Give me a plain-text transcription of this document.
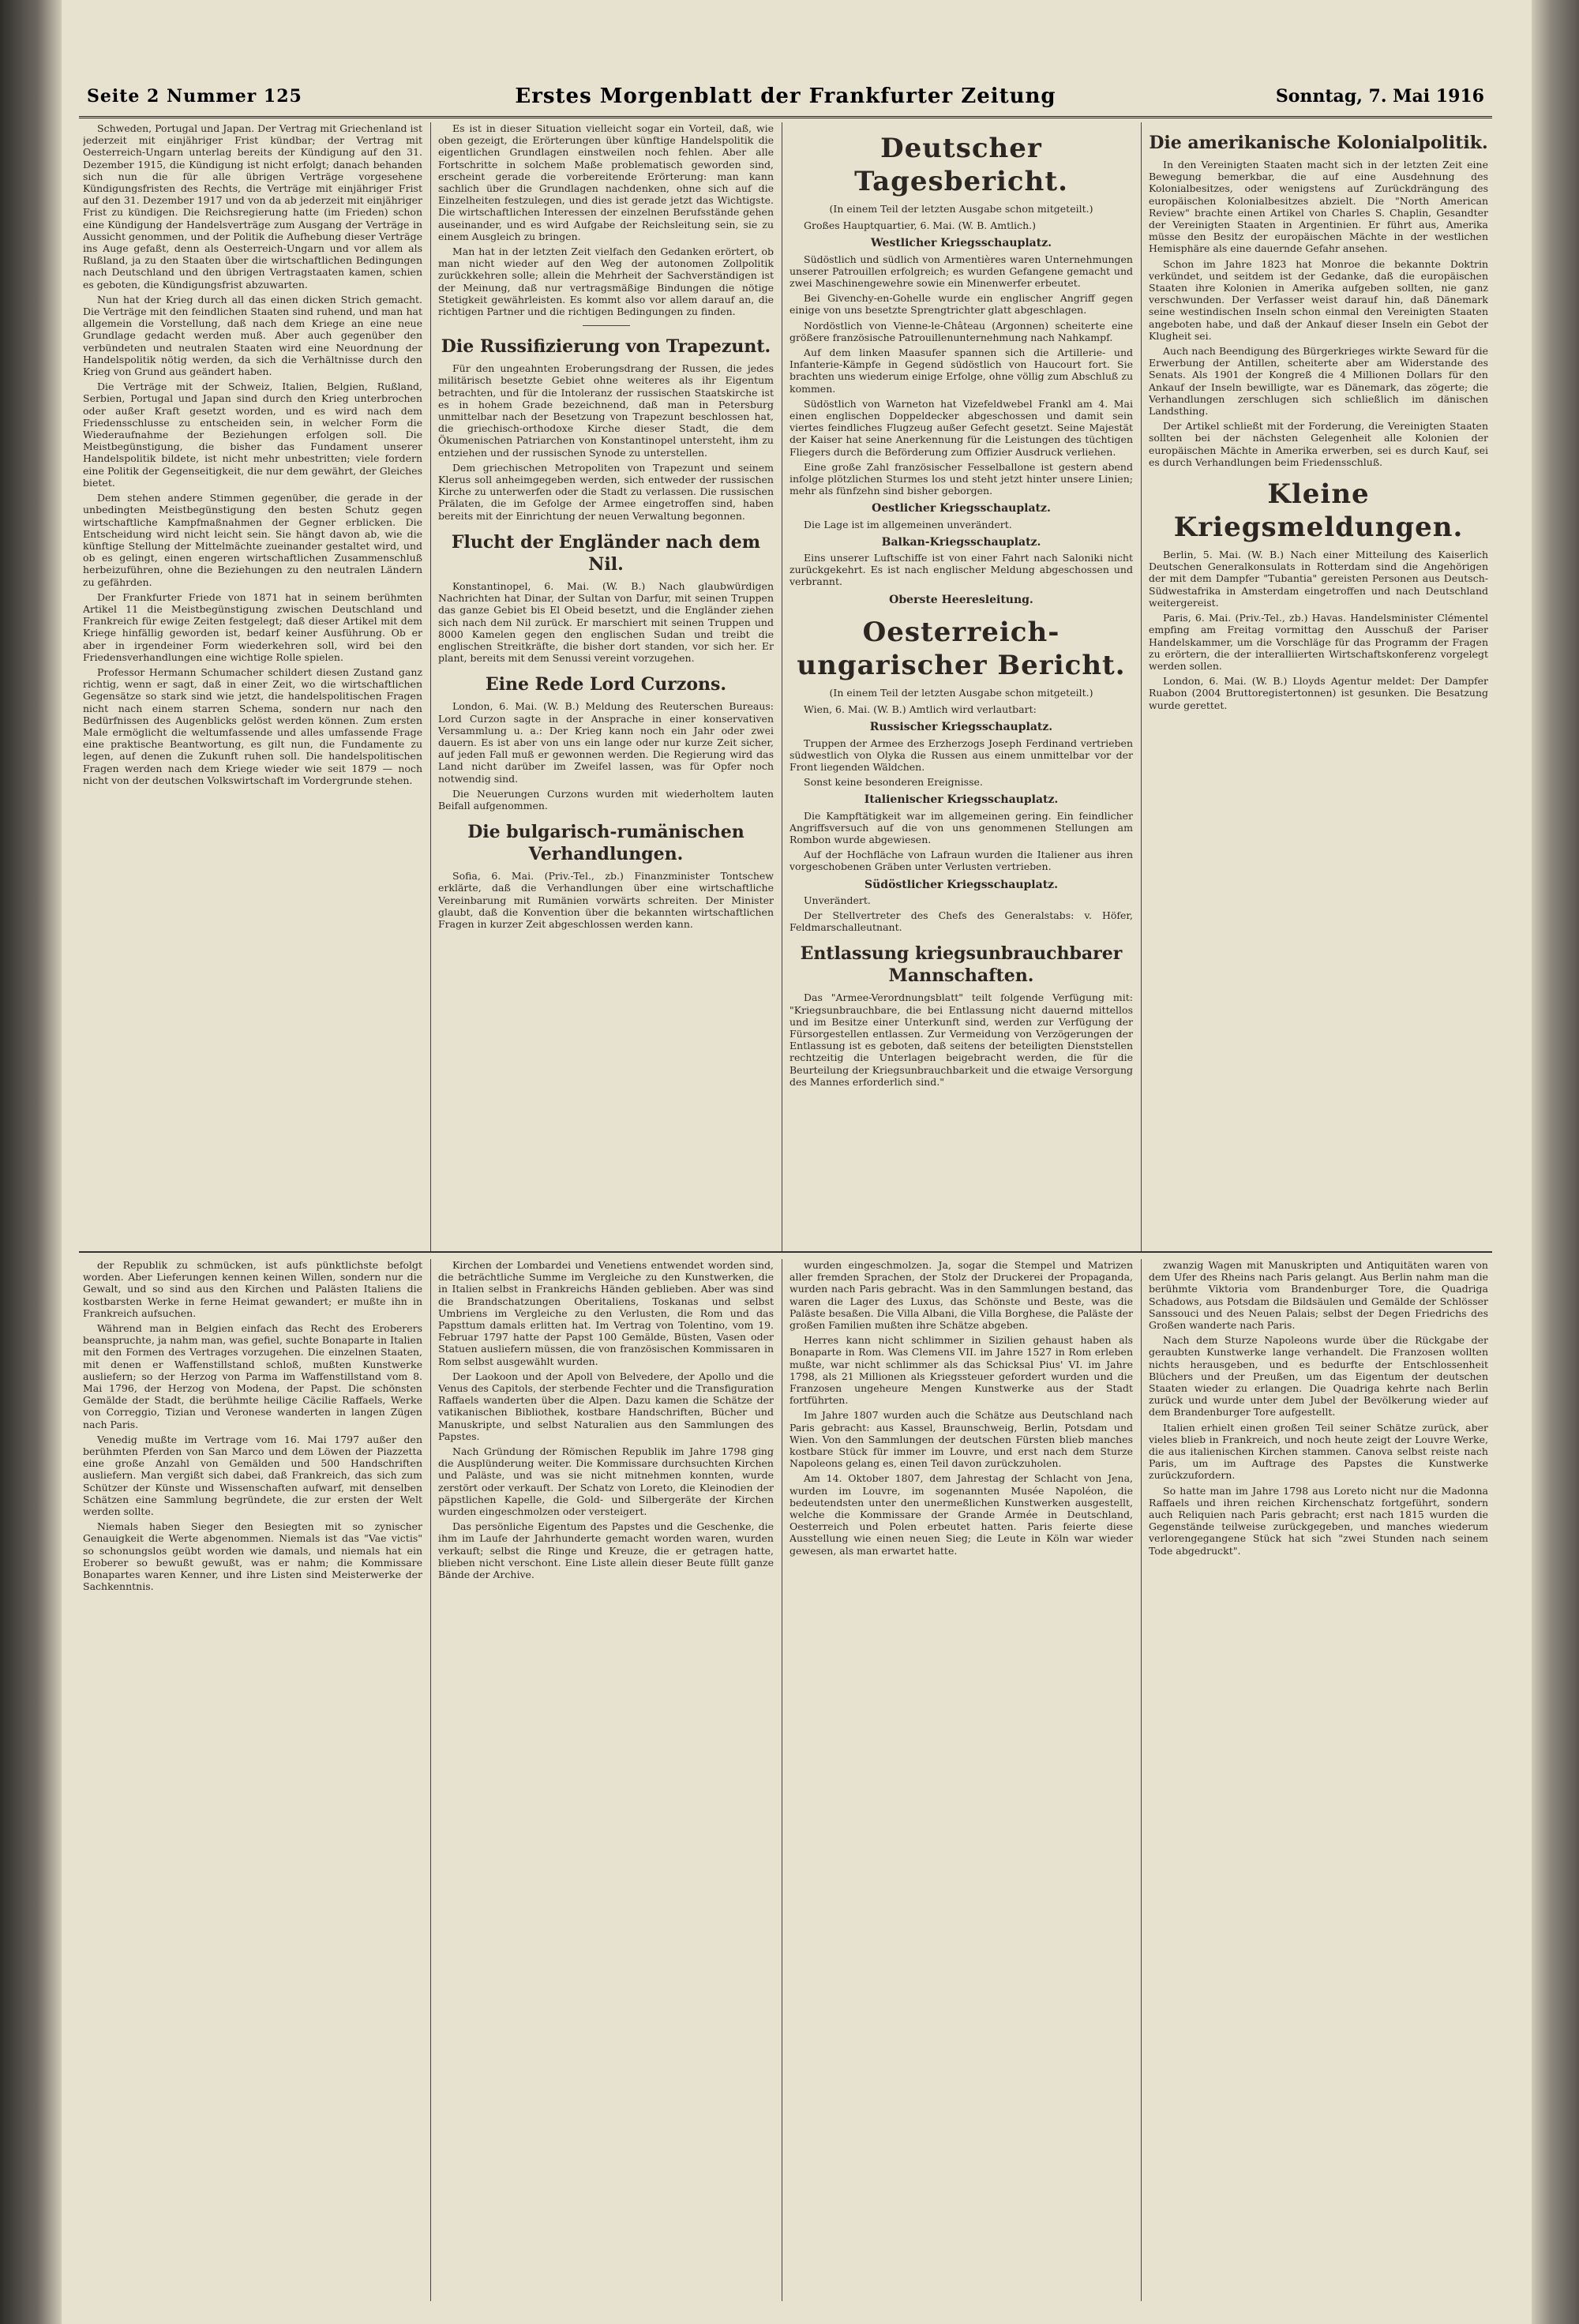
Erstes Morgenblatt der Frankfurter Zeitung
Seite 2 Nummer 125	Sonntag, 7. Mai 1916

Schweden, Portugal und Japan. Der Vertrag mit Griechenland ist jederzeit mit einjähriger Frist kündbar; der Vertrag mit Oesterreich-Ungarn unterlag bereits der Kündigung auf den 31. Dezember 1915, die Kündigung ist nicht erfolgt; danach behanden sich nun die für alle übrigen Verträge vorgesehene Kündigungsfristen des Rechts, die Verträge mit einjähriger Frist auf den 31. Dezember 1917 und von da ab jederzeit mit einjähriger Frist zu kündigen. Die Reichsregierung hatte (im Frieden) schon eine Kündigung der Handelsverträge zum Ausgang der Verträge in Aussicht genommen, und der Politik die Aufhebung dieser Verträge ins Auge gefaßt, denn als Oesterreich-Ungarn und vor allem als Rußland, ja zu den Staaten über die wirtschaftlichen Bedingungen nach Deutschland und den übrigen Vertragstaaten kamen, schien es geboten, die Kündigungsfrist abzuwarten.

Nun hat der Krieg durch all das einen dicken Strich gemacht. Die Verträge mit den feindlichen Staaten sind ruhend, und man hat allgemein die Vorstellung, daß nach dem Kriege an eine neue Grundlage gedacht werden muß. Aber auch gegenüber den verbündeten und neutralen Staaten wird eine Neuordnung der Handelspolitik nötig werden, da sich die Verhältnisse durch den Krieg von Grund aus geändert haben.

Die Verträge mit der Schweiz, Italien, Belgien, Rußland, Serbien, Portugal und Japan sind durch den Krieg unterbrochen oder außer Kraft gesetzt worden, und es wird nach dem Friedensschlusse zu entscheiden sein, in welcher Form die Wiederaufnahme der Beziehungen erfolgen soll. Die Meistbegünstigung, die bisher das Fundament unserer Handelspolitik bildete, ist nicht mehr unbestritten; viele fordern eine Politik der Gegenseitigkeit, die nur dem gewährt, der Gleiches bietet.

Dem stehen andere Stimmen gegenüber, die gerade in der unbedingten Meistbegünstigung den besten Schutz gegen wirtschaftliche Kampfmaßnahmen der Gegner erblicken. Die Entscheidung wird nicht leicht sein. Sie hängt davon ab, wie die künftige Stellung der Mittelmächte zueinander gestaltet wird, und ob es gelingt, einen engeren wirtschaftlichen Zusammenschluß herbeizuführen, ohne die Beziehungen zu den neutralen Ländern zu gefährden.

Der Frankfurter Friede von 1871 hat in seinem berühmten Artikel 11 die Meistbegünstigung zwischen Deutschland und Frankreich für ewige Zeiten festgelegt; daß dieser Artikel mit dem Kriege hinfällig geworden ist, bedarf keiner Ausführung. Ob er aber in irgendeiner Form wiederkehren soll, wird bei den Friedensverhandlungen eine wichtige Rolle spielen.

Professor Hermann Schumacher schildert diesen Zustand ganz richtig, wenn er sagt, daß in einer Zeit, wo die wirtschaftlichen Gegensätze so stark sind wie jetzt, die handelspolitischen Fragen nicht nach einem starren Schema, sondern nur nach den Bedürfnissen des Augenblicks gelöst werden können. Zum ersten Male ermöglicht die weltumfassende und alles umfassende Frage eine praktische Beantwortung, es gilt nun, die Fundamente zu legen, auf denen die Zukunft ruhen soll. Die handelspolitischen Fragen werden nach dem Kriege wieder wie seit 1879 — noch nicht von der deutschen Volkswirtschaft im Vordergrunde stehen.

Es ist in dieser Situation vielleicht sogar ein Vorteil, daß, wie oben gezeigt, die Erörterungen über künftige Handelspolitik die eigentlichen Grundlagen einstweilen noch fehlen. Aber alle Fortschritte in solchem Maße problematisch geworden sind, erscheint gerade die vorbereitende Erörterung: man kann sachlich über die Grundlagen nachdenken, ohne sich auf die Einzelheiten festzulegen, und dies ist gerade jetzt das Wichtigste. Die wirtschaftlichen Interessen der einzelnen Berufsstände gehen auseinander, und es wird Aufgabe der Reichsleitung sein, sie zu einem Ausgleich zu bringen.

Man hat in der letzten Zeit vielfach den Gedanken erörtert, ob man nicht wieder auf den Weg der autonomen Zollpolitik zurückkehren solle; allein die Mehrheit der Sachverständigen ist der Meinung, daß nur vertragsmäßige Bindungen die nötige Stetigkeit gewährleisten. Es kommt also vor allem darauf an, die richtigen Partner und die richtigen Bedingungen zu finden.

Die Russifizierung von Trapezunt.

Für den ungeahnten Eroberungsdrang der Russen, die jedes militärisch besetzte Gebiet ohne weiteres als ihr Eigentum betrachten, und für die Intoleranz der russischen Staatskirche ist es in hohem Grade bezeichnend, daß man in Petersburg unmittelbar nach der Besetzung von Trapezunt beschlossen hat, die griechisch-orthodoxe Kirche dieser Stadt, die dem Ökumenischen Patriarchen von Konstantinopel untersteht, ihm zu entziehen und der russischen Synode zu unterstellen.

Dem griechischen Metropoliten von Trapezunt und seinem Klerus soll anheimgegeben werden, sich entweder der russischen Kirche zu unterwerfen oder die Stadt zu verlassen. Die russischen Prälaten, die im Gefolge der Armee eingetroffen sind, haben bereits mit der Einrichtung der neuen Verwaltung begonnen.

Flucht der Engländer nach dem Nil.

Konstantinopel, 6. Mai. (W. B.) Nach glaubwürdigen Nachrichten hat Dinar, der Sultan von Darfur, mit seinen Truppen das ganze Gebiet bis El Obeid besetzt, und die Engländer ziehen sich nach dem Nil zurück. Er marschiert mit seinen Truppen und 8000 Kamelen gegen den englischen Sudan und treibt die englischen Streitkräfte, die bisher dort standen, vor sich her. Er plant, bereits mit dem Senussi vereint vorzugehen.

Eine Rede Lord Curzons.

London, 6. Mai. (W. B.) Meldung des Reuterschen Bureaus: Lord Curzon sagte in der Ansprache in einer konservativen Versammlung u. a.: Der Krieg kann noch ein Jahr oder zwei dauern. Es ist aber von uns ein lange oder nur kurze Zeit sicher, auf jeden Fall muß er gewonnen werden. Die Regierung wird das Land nicht darüber im Zweifel lassen, was für Opfer noch notwendig sind.

Die Neuerungen Curzons wurden mit wiederholtem lauten Beifall aufgenommen.

Die bulgarisch-rumänischen Verhandlungen.

Sofia, 6. Mai. (Priv.-Tel., zb.) Finanzminister Tontschew erklärte, daß die Verhandlungen über eine wirtschaftliche Vereinbarung mit Rumänien vorwärts schreiten. Der Minister glaubt, daß die Konvention über die bekannten wirtschaftlichen Fragen in kurzer Zeit abgeschlossen werden kann.

Deutscher Tagesbericht.
(In einem Teil der letzten Ausgabe schon mitgeteilt.)

Großes Hauptquartier, 6. Mai. (W. B. Amtlich.)

Westlicher Kriegsschauplatz.

Südöstlich und südlich von Armentières waren Unternehmungen unserer Patrouillen erfolgreich; es wurden Gefangene gemacht und zwei Maschinengewehre sowie ein Minenwerfer erbeutet.

Bei Givenchy-en-Gohelle wurde ein englischer Angriff gegen einige von uns besetzte Sprengtrichter glatt abgeschlagen.

Nordöstlich von Vienne-le-Château (Argonnen) scheiterte eine größere französische Patrouillenunternehmung nach Nahkampf.

Auf dem linken Maasufer spannen sich die Artillerie- und Infanterie-Kämpfe in Gegend südöstlich von Haucourt fort. Sie brachten uns wiederum einige Erfolge, ohne völlig zum Abschluß zu kommen.

Südöstlich von Warneton hat Vizefeldwebel Frankl am 4. Mai einen englischen Doppeldecker abgeschossen und damit sein viertes feindliches Flugzeug außer Gefecht gesetzt. Seine Majestät der Kaiser hat seine Anerkennung für die Leistungen des tüchtigen Fliegers durch die Beförderung zum Offizier Ausdruck verliehen.

Eine große Zahl französischer Fesselballone ist gestern abend infolge plötzlichen Sturmes los und steht jetzt hinter unsere Linien; mehr als fünfzehn sind bisher geborgen.

Oestlicher Kriegsschauplatz.

Die Lage ist im allgemeinen unverändert.

Balkan-Kriegsschauplatz.

Eins unserer Luftschiffe ist von einer Fahrt nach Saloniki nicht zurückgekehrt. Es ist nach englischer Meldung abgeschossen und verbrannt.

Oberste Heeresleitung.
Oesterreich-ungarischer Bericht.
(In einem Teil der letzten Ausgabe schon mitgeteilt.)

Wien, 6. Mai. (W. B.) Amtlich wird verlautbart:

Russischer Kriegsschauplatz.

Truppen der Armee des Erzherzogs Joseph Ferdinand vertrieben südwestlich von Olyka die Russen aus einem unmittelbar vor der Front liegenden Wäldchen.

Sonst keine besonderen Ereignisse.

Italienischer Kriegsschauplatz.

Die Kampftätigkeit war im allgemeinen gering. Ein feindlicher Angriffsversuch auf die von uns genommenen Stellungen am Rombon wurde abgewiesen.

Auf der Hochfläche von Lafraun wurden die Italiener aus ihren vorgeschobenen Gräben unter Verlusten vertrieben.

Südöstlicher Kriegsschauplatz.

Unverändert.

Der Stellvertreter des Chefs des Generalstabs: v. Höfer, Feldmarschalleutnant.

Entlassung kriegsunbrauchbarer Mannschaften.

Das "Armee-Verordnungsblatt" teilt folgende Verfügung mit: "Kriegsunbrauchbare, die bei Entlassung nicht dauernd mittellos und im Besitze einer Unterkunft sind, werden zur Verfügung der Fürsorgestellen entlassen. Zur Vermeidung von Verzögerungen der Entlassung ist es geboten, daß seitens der beteiligten Dienststellen rechtzeitig die Unterlagen beigebracht werden, die für die Beurteilung der Kriegsunbrauchbarkeit und die etwaige Versorgung des Mannes erforderlich sind."

Die amerikanische Kolonialpolitik.

In den Vereinigten Staaten macht sich in der letzten Zeit eine Bewegung bemerkbar, die auf eine Ausdehnung des Kolonialbesitzes, oder wenigstens auf Zurückdrängung des europäischen Kolonialbesitzes abzielt. Die "North American Review" brachte einen Artikel von Charles S. Chaplin, Gesandter der Vereinigten Staaten in Argentinien. Er führt aus, Amerika müsse den Besitz der europäischen Mächte in der westlichen Hemisphäre als eine dauernde Gefahr ansehen.

Schon im Jahre 1823 hat Monroe die bekannte Doktrin verkündet, und seitdem ist der Gedanke, daß die europäischen Staaten ihre Kolonien in Amerika aufgeben sollten, nie ganz verschwunden. Der Verfasser weist darauf hin, daß Dänemark seine westindischen Inseln schon einmal den Vereinigten Staaten angeboten habe, und daß der Ankauf dieser Inseln ein Gebot der Klugheit sei.

Auch nach Beendigung des Bürgerkrieges wirkte Seward für die Erwerbung der Antillen, scheiterte aber am Widerstande des Senats. Als 1901 der Kongreß die 4 Millionen Dollars für den Ankauf der Inseln bewilligte, war es Dänemark, das zögerte; die Verhandlungen zerschlugen sich schließlich im dänischen Landsthing.

Der Artikel schließt mit der Forderung, die Vereinigten Staaten sollten bei der nächsten Gelegenheit alle Kolonien der europäischen Mächte in Amerika erwerben, sei es durch Kauf, sei es durch Verhandlungen beim Friedensschluß.

Kleine Kriegsmeldungen.

Berlin, 5. Mai. (W. B.) Nach einer Mitteilung des Kaiserlich Deutschen Generalkonsulats in Rotterdam sind die Angehörigen der mit dem Dampfer "Tubantia" gereisten Personen aus Deutsch-Südwestafrika in Amsterdam eingetroffen und nach Deutschland weitergereist.

Paris, 6. Mai. (Priv.-Tel., zb.) Havas. Handelsminister Clémentel empfing am Freitag vormittag den Ausschuß der Pariser Handelskammer, um die Vorschläge für das Programm der Fragen zu erörtern, die der interalliierten Wirtschaftskonferenz vorgelegt werden sollen.

London, 6. Mai. (W. B.) Lloyds Agentur meldet: Der Dampfer Ruabon (2004 Bruttoregistertonnen) ist gesunken. Die Besatzung wurde gerettet.

der Republik zu schmücken, ist aufs pünktlichste befolgt worden. Aber Lieferungen kennen keinen Willen, sondern nur die Gewalt, und so sind aus den Kirchen und Palästen Italiens die kostbarsten Werke in ferne Heimat gewandert; er mußte ihn in Frankreich aufsuchen.

Während man in Belgien einfach das Recht des Eroberers beanspruchte, ja nahm man, was gefiel, suchte Bonaparte in Italien mit den Formen des Vertrages vorzugehen. Die einzelnen Staaten, mit denen er Waffenstillstand schloß, mußten Kunstwerke ausliefern; so der Herzog von Parma im Waffenstillstand vom 8. Mai 1796, der Herzog von Modena, der Papst. Die schönsten Gemälde der Stadt, die berühmte heilige Cäcilie Raffaels, Werke von Correggio, Tizian und Veronese wanderten in langen Zügen nach Paris.

Venedig mußte im Vertrage vom 16. Mai 1797 außer den berühmten Pferden von San Marco und dem Löwen der Piazzetta eine große Anzahl von Gemälden und 500 Handschriften ausliefern. Man vergißt sich dabei, daß Frankreich, das sich zum Schützer der Künste und Wissenschaften aufwarf, mit denselben Schätzen eine Sammlung begründete, die zur ersten der Welt werden sollte.

Niemals haben Sieger den Besiegten mit so zynischer Genauigkeit die Werte abgenommen. Niemals ist das "Vae victis" so schonungslos geübt worden wie damals, und niemals hat ein Eroberer so bewußt gewußt, was er nahm; die Kommissare Bonapartes waren Kenner, und ihre Listen sind Meisterwerke der Sachkenntnis.

Kirchen der Lombardei und Venetiens entwendet worden sind, die beträchtliche Summe im Vergleiche zu den Kunstwerken, die in Italien selbst in Frankreichs Händen geblieben. Aber was sind die Brandschatzungen Oberitaliens, Toskanas und selbst Umbriens im Vergleiche zu den Verlusten, die Rom und das Papsttum damals erlitten hat. Im Vertrag von Tolentino, vom 19. Februar 1797 hatte der Papst 100 Gemälde, Büsten, Vasen oder Statuen ausliefern müssen, die von französischen Kommissaren in Rom selbst ausgewählt wurden.

Der Laokoon und der Apoll von Belvedere, der Apollo und die Venus des Capitols, der sterbende Fechter und die Transfiguration Raffaels wanderten über die Alpen. Dazu kamen die Schätze der vatikanischen Bibliothek, kostbare Handschriften, Bücher und Manuskripte, und selbst Naturalien aus den Sammlungen des Papstes.

Nach Gründung der Römischen Republik im Jahre 1798 ging die Ausplünderung weiter. Die Kommissare durchsuchten Kirchen und Paläste, und was sie nicht mitnehmen konnten, wurde zerstört oder verkauft. Der Schatz von Loreto, die Kleinodien der päpstlichen Kapelle, die Gold- und Silbergeräte der Kirchen wurden eingeschmolzen oder versteigert.

Das persönliche Eigentum des Papstes und die Geschenke, die ihm im Laufe der Jahrhunderte gemacht worden waren, wurden verkauft; selbst die Ringe und Kreuze, die er getragen hatte, blieben nicht verschont. Eine Liste allein dieser Beute füllt ganze Bände der Archive.

wurden eingeschmolzen. Ja, sogar die Stempel und Matrizen aller fremden Sprachen, der Stolz der Druckerei der Propaganda, wurden nach Paris gebracht. Was in den Sammlungen bestand, das waren die Lager des Luxus, das Schönste und Beste, was die Paläste besaßen. Die Villa Albani, die Villa Borghese, die Paläste der großen Familien mußten ihre Schätze abgeben.

Herres kann nicht schlimmer in Sizilien gehaust haben als Bonaparte in Rom. Was Clemens VII. im Jahre 1527 in Rom erleben mußte, war nicht schlimmer als das Schicksal Pius' VI. im Jahre 1798, als 21 Millionen als Kriegssteuer gefordert wurden und die Franzosen ungeheure Mengen Kunstwerke aus der Stadt fortführten.

Im Jahre 1807 wurden auch die Schätze aus Deutschland nach Paris gebracht: aus Kassel, Braunschweig, Berlin, Potsdam und Wien. Von den Sammlungen der deutschen Fürsten blieb manches kostbare Stück für immer im Louvre, und erst nach dem Sturze Napoleons gelang es, einen Teil davon zurückzuholen.

Am 14. Oktober 1807, dem Jahrestag der Schlacht von Jena, wurden im Louvre, im sogenannten Musée Napoléon, die bedeutendsten unter den unermeßlichen Kunstwerken ausgestellt, welche die Kommissare der Grande Armée in Deutschland, Oesterreich und Polen erbeutet hatten. Paris feierte diese Ausstellung wie einen neuen Sieg; die Leute in Köln war wieder gewesen, als man erwartet hatte.

zwanzig Wagen mit Manuskripten und Antiquitäten waren von dem Ufer des Rheins nach Paris gelangt. Aus Berlin nahm man die berühmte Viktoria vom Brandenburger Tore, die Quadriga Schadows, aus Potsdam die Bildsäulen und Gemälde der Schlösser Sanssouci und des Neuen Palais; selbst der Degen Friedrichs des Großen wanderte nach Paris.

Nach dem Sturze Napoleons wurde über die Rückgabe der geraubten Kunstwerke lange verhandelt. Die Franzosen wollten nichts herausgeben, und es bedurfte der Entschlossenheit Blüchers und der Preußen, um das Eigentum der deutschen Staaten wieder zu erlangen. Die Quadriga kehrte nach Berlin zurück und wurde unter dem Jubel der Bevölkerung wieder auf dem Brandenburger Tore aufgestellt.

Italien erhielt einen großen Teil seiner Schätze zurück, aber vieles blieb in Frankreich, und noch heute zeigt der Louvre Werke, die aus italienischen Kirchen stammen. Canova selbst reiste nach Paris, um im Auftrage des Papstes die Kunstwerke zurückzufordern.

So hatte man im Jahre 1798 aus Loreto nicht nur die Madonna Raffaels und ihren reichen Kirchenschatz fortgeführt, sondern auch Reliquien nach Paris gebracht; erst nach 1815 wurden die Gegenstände teilweise zurückgegeben, und manches wiederum verlorengegangene Stück hat sich "zwei Stunden nach seinem Tode abgedruckt".
